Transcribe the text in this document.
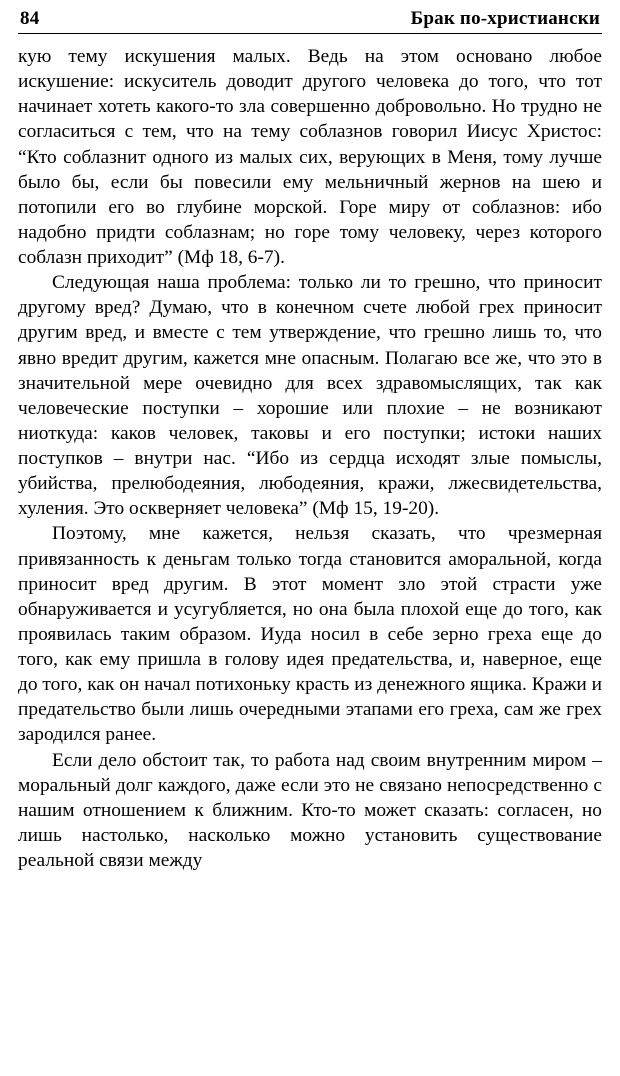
84	Брак по-христиански

кую тему искушения малых. Ведь на этом основано любое искушение: искуситель доводит другого человека до того, что тот начинает хотеть какого-то зла совершенно добровольно. Но трудно не согласиться с тем, что на тему соблазнов говорил Иисус Христос: “Кто соблазнит одного из малых сих, верующих в Меня, тому лучше было бы, если бы повесили ему мельничный жернов на шею и потопили его во глубине морской. Горе миру от соблазнов: ибо надобно придти соблазнам; но горе тому человеку, через которого соблазн приходит” (Мф 18, 6-7).

Следующая наша проблема: только ли то грешно, что приносит другому вред? Думаю, что в конечном счете любой грех приносит другим вред, и вместе с тем утверждение, что грешно лишь то, что явно вредит другим, кажется мне опасным. Полагаю все же, что это в значительной мере очевидно для всех здравомыслящих, так как человеческие поступки – хорошие или плохие – не возникают ниоткуда: каков человек, таковы и его поступки; истоки наших поступков – внутри нас. “Ибо из сердца исходят злые помыслы, убийства, прелюбодеяния, любодеяния, кражи, лжесвидетельства, хуления. Это оскверняет человека” (Мф 15, 19-20).

Поэтому, мне кажется, нельзя сказать, что чрезмерная привязанность к деньгам только тогда становится аморальной, когда приносит вред другим. В этот момент зло этой страсти уже обнаруживается и усугубляется, но она была плохой еще до того, как проявилась таким образом. Иуда носил в себе зерно греха еще до того, как ему пришла в голову идея предательства, и, наверное, еще до того, как он начал потихоньку красть из денежного ящика. Кражи и предательство были лишь очередными этапами его греха, сам же грех зародился ранее.

Если дело обстоит так, то работа над своим внутренним миром – моральный долг каждого, даже если это не связано непосредственно с нашим отношением к ближним. Кто-то может сказать: согласен, но лишь настолько, насколько можно установить существование реальной связи между
